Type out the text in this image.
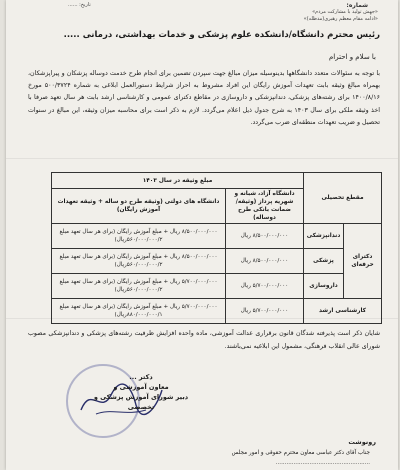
شماره:
تاریخ: ......
«جهش تولید با مشارکت مردم»
«ادامه مقام معظم رهبری(مدظله)»
رئیس محترم دانشگاه/دانشکده علوم پزشکی و خدمات بهداشتی، درمانی .....
با سلام و احترام
با توجه به سئوالات متعدد دانشگاهها بدینوسیله میزان مبالغ جهت سپردن تضمین برای انجام طرح خدمت دوساله پزشکان و پیراپزشکان، بهمراه مبالغ وثیقه بابت تعهدات آموزش رایگان این افراد مشروط به احراز شرایط دستورالعمل ابلاغی به شماره ۵۰۰/۳۷۲۴ مورخ ۱۴۰۰/۸/۱۶ برای رشته‌های پزشکی، دندانپزشکی و داروسازی در مقاطع دکترای عمومی و کارشناسی ارشد بابت هر سال تعهد صرفا با اخذ وثیقه ملکی برای سال ۱۴۰۳ به شرح جدول ذیل اعلام می‌گردد. لازم به ذکر است برای محاسبه میزان وثیقه، این مبالغ در سنوات تحصیل و ضریب تعهدات منطقه‌ای ضرب می‌گردد.
مقطع تحصیلی		مبلغ وثیقه در سال ۱۴۰۳	
		دانشگاه آزاد، شبانه و شهریه پرداز (وثیقه/ضمانت بانکی طرح دوساله)	دانشگاه های دولتی (وثیقه طرح دو ساله + وثیقه تعهدات آموزش رایگان)
دکترای حرفه‌ای	دندانپزشکی	۸/۵۰۰/۰۰۰/۰۰۰ ریال	۸/۵۰۰/۰۰۰/۰۰۰ ریال + مبلغ آموزش رایگان (برای هر سال تعهد مبلغ ۵۶۰/۰۰۰/۰۰۰/۲ریال)
	پزشکی	۸/۵۰۰/۰۰۰/۰۰۰ ریال	۸/۵۰۰/۰۰۰/۰۰۰ ریال + مبلغ آموزش رایگان (برای هر سال تعهد مبلغ ۵۶۰/۰۰۰/۰۰۰/۲ریال)
	داروسازی	۵/۷۰۰/۰۰۰/۰۰۰ ریال	۵/۷۰۰/۰۰۰/۰۰۰ ریال + مبلغ آموزش رایگان (برای هر سال تعهد مبلغ ۵۶۰/۰۰۰/۰۰۰/۲ریال)
کارشناسی ارشد		۵/۷۰۰/۰۰۰/۰۰۰ ریال	۵/۷۰۰/۰۰۰/۰۰۰ ریال + مبلغ آموزش رایگان (برای هر سال تعهد مبلغ ۸۸۰/۰۰۰/۰۰۰/۱ریال)
شایان ذکر است پذیرفته شدگان قانون برقراری عدالت آموزشی، ماده واحده افزایش ظرفیت رشته‌های پزشکی و دندانپزشکی مصوب شورای عالی انقلاب فرهنگی، مشمول این ابلاغیه نمی‌باشند.
دکتر ...
معاون آموزشی و
دبیر شورای آموزش پزشکی و تخصصی
رونوشت
جناب آقای دکتر عباسی معاون محترم حقوقی و امور مجلس
.....................................................
